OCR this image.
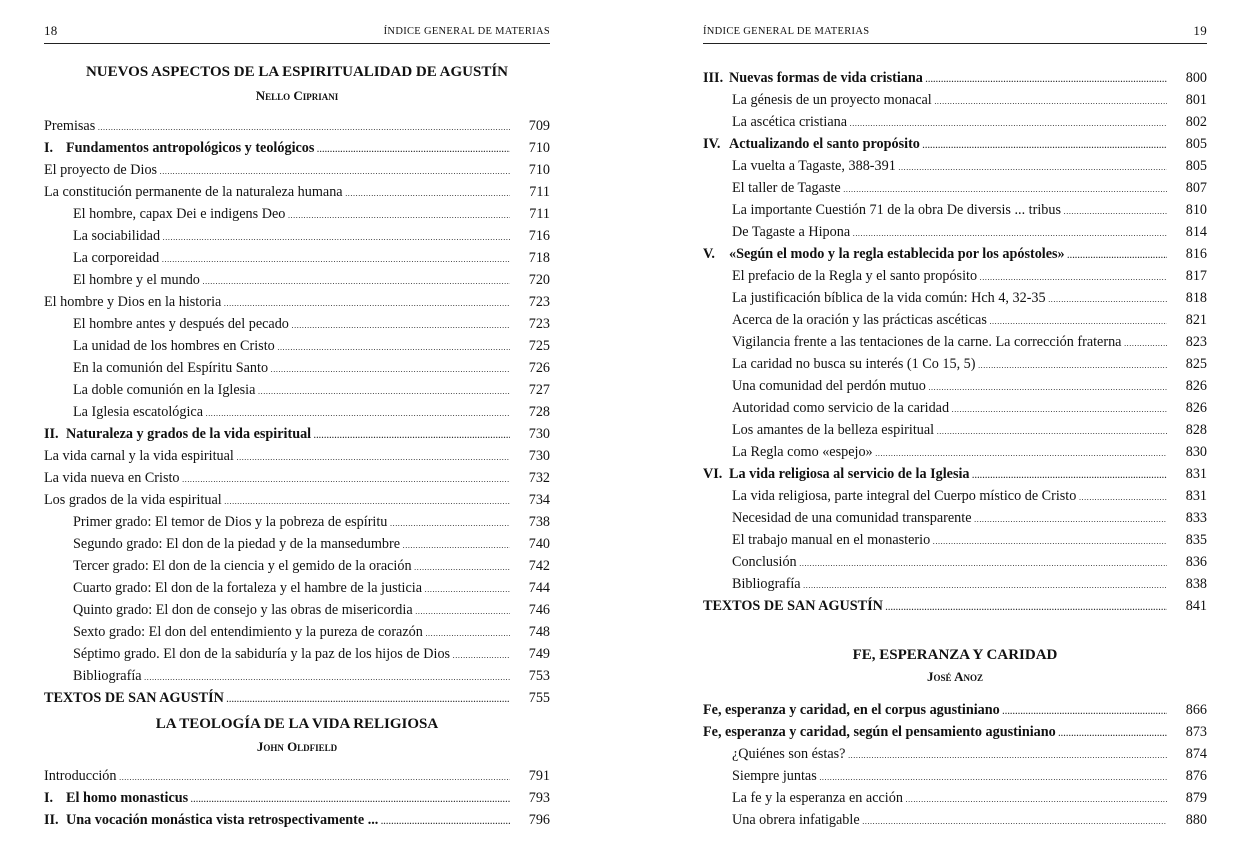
18	ÍNDICE GENERAL DE MATERIAS
NUEVOS ASPECTOS DE LA ESPIRITUALIDAD DE AGUSTÍN
Nello Cipriani
Premisas .....	709
I. Fundamentos antropológicos y teológicos .....	710
El proyecto de Dios .....	710
La constitución permanente de la naturaleza humana .....	711
El hombre, capax Dei e indigens Deo .....	711
La sociabilidad .....	716
La corporeidad .....	718
El hombre y el mundo .....	720
El hombre y Dios en la historia .....	723
El hombre antes y después del pecado .....	723
La unidad de los hombres en Cristo .....	725
En la comunión del Espíritu Santo .....	726
La doble comunión en la Iglesia .....	727
La Iglesia escatológica .....	728
II. Naturaleza y grados de la vida espiritual .....	730
La vida carnal y la vida espiritual .....	730
La vida nueva en Cristo .....	732
Los grados de la vida espiritual .....	734
Primer grado: El temor de Dios y la pobreza de espíritu .....	738
Segundo grado: El don de la piedad y de la mansedumbre .....	740
Tercer grado: El don de la ciencia y el gemido de la oración .....	742
Cuarto grado: El don de la fortaleza y el hambre de la justicia .....	744
Quinto grado: El don de consejo y las obras de misericordia .....	746
Sexto grado: El don del entendimiento y la pureza de corazón .....	748
Séptimo grado. El don de la sabiduría y la paz de los hijos de Dios .....	749
Bibliografía .....	753
TEXTOS DE SAN AGUSTÍN .....	755
LA TEOLOGÍA DE LA VIDA RELIGIOSA
John Oldfield
Introducción .....	791
I. El homo monasticus .....	793
II. Una vocación monástica vista retrospectivamente ... .....	796
ÍNDICE GENERAL DE MATERIAS	19
III. Nuevas formas de vida cristiana .....	800
La génesis de un proyecto monacal .....	801
La ascética cristiana .....	802
IV. Actualizando el santo propósito .....	805
La vuelta a Tagaste, 388-391 .....	805
El taller de Tagaste .....	807
La importante Cuestión 71 de la obra De diversis ... tribus .....	810
De Tagaste a Hipona .....	814
V. «Según el modo y la regla establecida por los apóstoles» .....	816
El prefacio de la Regla y el santo propósito .....	817
La justificación bíblica de la vida común: Hch 4, 32-35 .....	818
Acerca de la oración y las prácticas ascéticas .....	821
Vigilancia frente a las tentaciones de la carne. La corrección fraterna .....	823
La caridad no busca su interés (1 Co 15, 5) .....	825
Una comunidad del perdón mutuo .....	826
Autoridad como servicio de la caridad .....	826
Los amantes de la belleza espiritual .....	828
La Regla como «espejo» .....	830
VI. La vida religiosa al servicio de la Iglesia .....	831
La vida religiosa, parte integral del Cuerpo místico de Cristo .....	831
Necesidad de una comunidad transparente .....	833
El trabajo manual en el monasterio .....	835
Conclusión .....	836
Bibliografía .....	838
TEXTOS DE SAN AGUSTÍN .....	841
FE, ESPERANZA Y CARIDAD
José Anoz
Fe, esperanza y caridad, en el corpus agustiniano .....	866
Fe, esperanza y caridad, según el pensamiento agustiniano .....	873
¿Quiénes son éstas? .....	874
Siempre juntas .....	876
La fe y la esperanza en acción .....	879
Una obrera infatigable .....	880
